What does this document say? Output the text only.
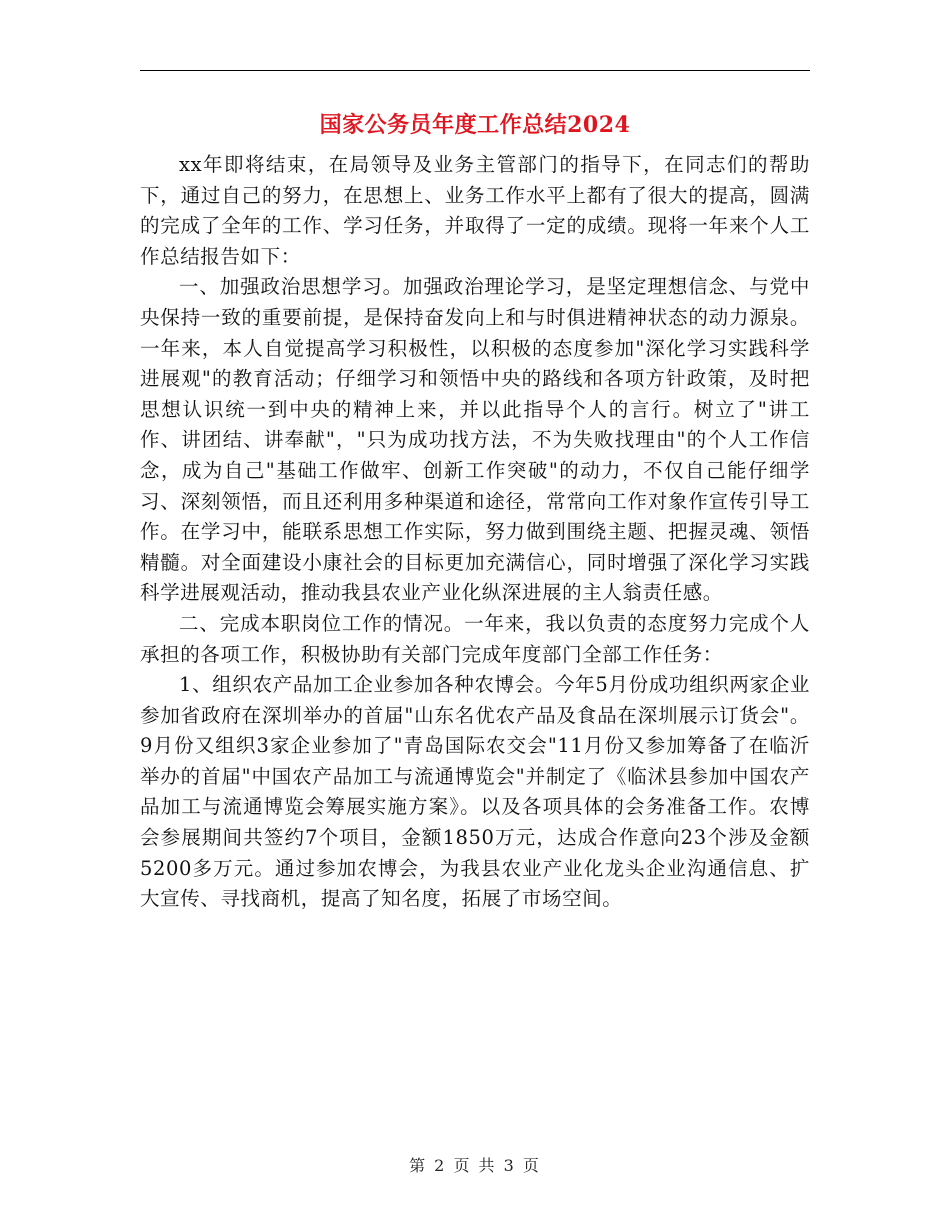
国家公务员年度工作总结2024

xx年即将结束，在局领导及业务主管部门的指导下，在同志们的帮助下，通过自己的努力，在思想上、业务工作水平上都有了很大的提高，圆满的完成了全年的工作、学习任务，并取得了一定的成绩。现将一年来个人工作总结报告如下：

一、加强政治思想学习。加强政治理论学习，是坚定理想信念、与党中央保持一致的重要前提，是保持奋发向上和与时俱进精神状态的动力源泉。一年来，本人自觉提高学习积极性，以积极的态度参加"深化学习实践科学进展观"的教育活动；仔细学习和领悟中央的路线和各项方针政策，及时把思想认识统一到中央的精神上来，并以此指导个人的言行。树立了"讲工作、讲团结、讲奉献"，"只为成功找方法，不为失败找理由"的个人工作信念，成为自己"基础工作做牢、创新工作突破"的动力，不仅自己能仔细学习、深刻领悟，而且还利用多种渠道和途径，常常向工作对象作宣传引导工作。在学习中，能联系思想工作实际，努力做到围绕主题、把握灵魂、领悟精髓。对全面建设小康社会的目标更加充满信心，同时增强了深化学习实践科学进展观活动，推动我县农业产业化纵深进展的主人翁责任感。

二、完成本职岗位工作的情况。一年来，我以负责的态度努力完成个人承担的各项工作，积极协助有关部门完成年度部门全部工作任务：

1、组织农产品加工企业参加各种农博会。今年5月份成功组织两家企业参加省政府在深圳举办的首届"山东名优农产品及食品在深圳展示订货会"。9月份又组织3家企业参加了"青岛国际农交会"11月份又参加筹备了在临沂举办的首届"中国农产品加工与流通博览会"并制定了《临沭县参加中国农产品加工与流通博览会筹展实施方案》。以及各项具体的会务准备工作。农博会参展期间共签约7个项目，金额1850万元，达成合作意向23个涉及金额5200多万元。通过参加农博会，为我县农业产业化龙头企业沟通信息、扩大宣传、寻找商机，提高了知名度，拓展了市场空间。

第 2 页 共 3 页
